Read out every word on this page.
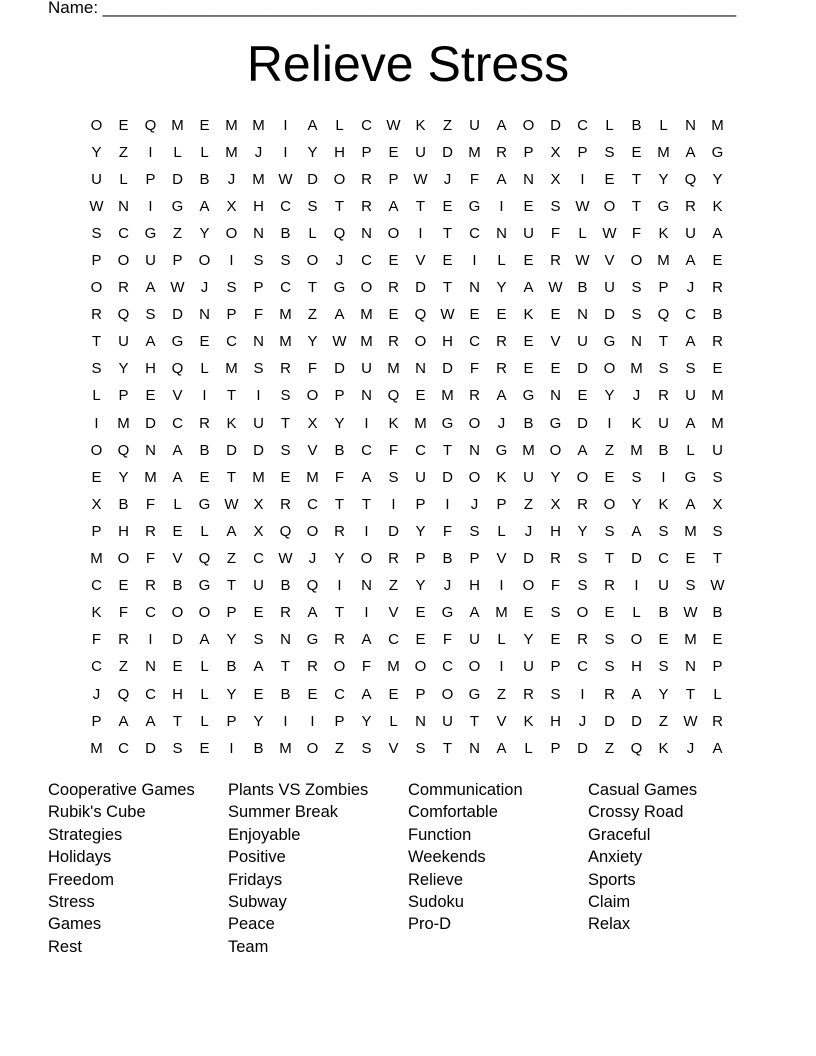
Name: ___________________________________________________________________
Relieve Stress
O	E	Q M	E	M M	I	A	L	C W K	Z	U	A	O	D	C	L	B	L	N	M
Y	Z	I	L	L	M	J	I	Y	H	P	E	U	D	M	R	P	X	P	S	E	M	A	G
U	L	P	D	B	J	M W D	O	R	P W	J	F	A	N	X	I	E	T	Y	Q	Y
W N	I	G	A	X	H	C	S	T	R	A	T	E	G	I	E	S W O	T	G	R	K
S	C	G	Z	Y	O	N	B	L	Q	N	O	I	T	C	N	U	F	L	W	F	K	U	A
P	O	U	P	O	I	S	S	O	J	C	E	V	E	I	L	E	R W V	O M	A	E
O	R	A W	J	S	P	C	T	G	O	R	D	T	N	Y	A W B	U	S	P	J	R
R	Q	S	D	N	P	F	M	Z	A	M	E	Q W E	E	K	E	N	D	S	Q	C	B
T	U	A	G	E	C	N	M	Y W M	R	O	H	C	R	E	V	U	G	N	T	A	R
S	Y	H	Q	L	M	S	R	F	D	U	M	N	D	F	R	E	E	D	O M	S	S	E
L	P	E	V	I	T	I	S	O	P	N	Q	E	M	R	A	G	N	E	Y	J	R	U	M
I	M	D	C	R	K	U	T	X	Y	I	K	M G	O	J	B	G	D	I	K	U	A	M
O	Q	N	A	B	D	D	S	V	B	C	F	C	T	N	G M O	A	Z	M	B	L	U
E	Y	M	A	E	T	M	E	M	F	A	S	U	D	O	K	U	Y	O	E	S	I	G	S
X	B	F	L	G W X	R	C	T	T	I	P	I	J	P	Z	X	R	O	Y	K	A	X
P	H	R	E	L	A	X	Q	O	R	I	D	Y	F	S	L	J	H	Y	S	A	S	M	S
M O	F	V	Q	Z	C W	J	Y	O	R	P	B	P	V	D	R	S	T	D	C	E	T
C	E	R	B	G	T	U	B	Q	I	N	Z	Y	J	H	I	O	F	S	R	I	U	S W
K	F	C	O	O	P	E	R	A	T	I	V	E	G	A	M	E	S	O	E	L	B W B
F	R	I	D	A	Y	S	N	G	R	A	C	E	F	U	L	Y	E	R	S	O	E	M	E
C	Z	N	E	L	B	A	T	R	O	F	M O	C	O	I	U	P	C	S	H	S	N	P
J	Q	C	H	L	Y	E	B	E	C	A	E	P	O	G	Z	R	S	I	R	A	Y	T	L
P	A	A	T	L	P	Y	I	I	P	Y	L	N	U	T	V	K	H	J	D	D	Z	W R
M	C	D	S	E	I	B	M O	Z	S	V	S	T	N	A	L	P	D	Z	Q	K	J	A
Cooperative Games
Rubik's Cube
Strategies
Holidays
Freedom
Stress
Games
Rest
Plants VS Zombies
Summer Break
Enjoyable
Positive
Fridays
Subway
Peace
Team
Communication
Comfortable
Function
Weekends
Relieve
Sudoku
Pro-D
Casual Games
Crossy Road
Graceful
Anxiety
Sports
Claim
Relax
